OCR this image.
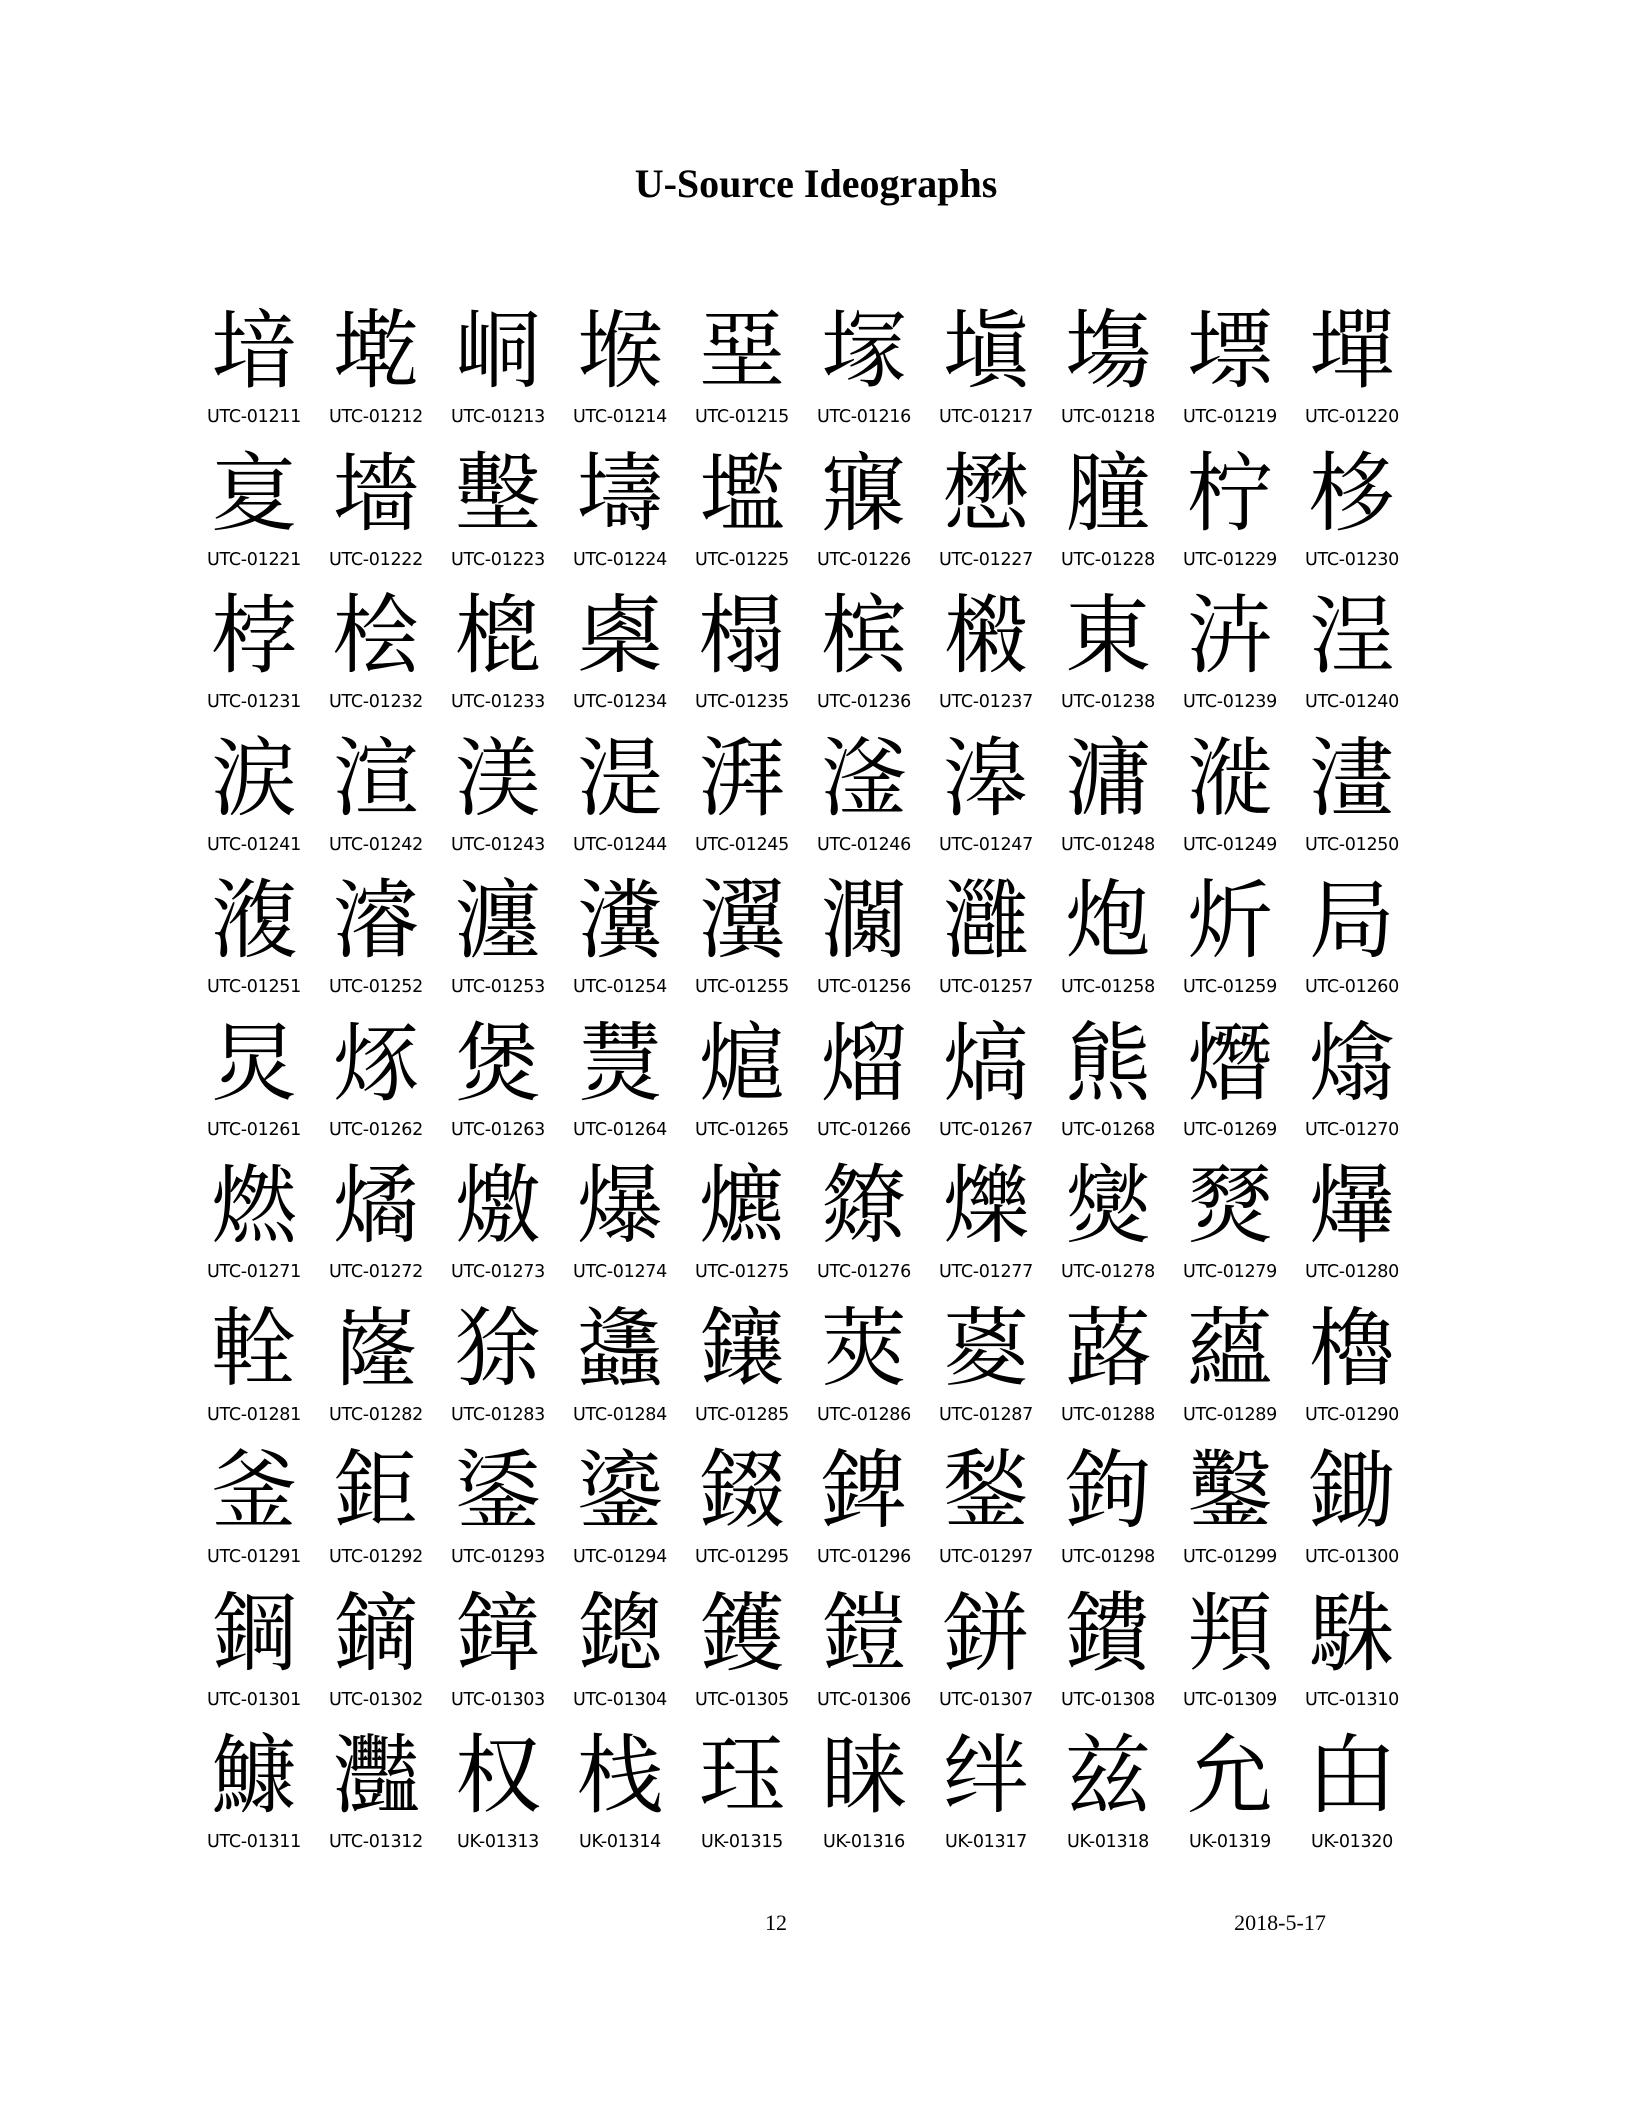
U-Source Ideographs
堷
UTC-01211
墘
UTC-01212
峒
UTC-01213
堠
UTC-01214
堊
UTC-01215
塜
UTC-01216
塡
UTC-01217
塲
UTC-01218
墂
UTC-01219
墠
UTC-01220
㚆
UTC-01221
墻
UTC-01222
墼
UTC-01223
壔
UTC-01224
壏
UTC-01225
寱
UTC-01226
懋
UTC-01227
膧
UTC-01228
柠
UTC-01229
栘
UTC-01230
桲
UTC-01231
桧
UTC-01232
㮰
UTC-01233
㮚
UTC-01234
榻
UTC-01235
槟
UTC-01236
樧
UTC-01237
東
UTC-01238
泋
UTC-01239
浧
UTC-01240
涙
UTC-01241
渲
UTC-01242
渼
UTC-01243
湜
UTC-01244
湃
UTC-01245
滏
UTC-01246
滜
UTC-01247
滽
UTC-01248
漇
UTC-01249
澅
UTC-01250
澓
UTC-01251
濬
UTC-01252
瀍
UTC-01253
瀵
UTC-01254
瀷
UTC-01255
灁
UTC-01256
灉
UTC-01257
炮
UTC-01258
炘
UTC-01259
局
UTC-01260
炅
UTC-01261
烼
UTC-01262
煲
UTC-01263
熭
UTC-01264
熩
UTC-01265
熘
UTC-01266
熇
UTC-01267
熊
UTC-01268
熸
UTC-01269
熻
UTC-01270
燃
UTC-01271
燏
UTC-01272
燩
UTC-01273
爆
UTC-01274
爊
UTC-01275
爒
UTC-01276
爍
UTC-01277
爕
UTC-01278
燹
UTC-01279
爗
UTC-01280
輇
UTC-01281
嶐
UTC-01282
狳
UTC-01283
蠭
UTC-01284
鑲
UTC-01285
莢
UTC-01286
葼
UTC-01287
蕗
UTC-01288
蘊
UTC-01289
櫓
UTC-01290
釜
UTC-01291
鉅
UTC-01292
鋈
UTC-01293
鎏
UTC-01294
錣
UTC-01295
錍
UTC-01296
鍫
UTC-01297
鉤
UTC-01298
鑿
UTC-01299
鋤
UTC-01300
鋼
UTC-01301
鏑
UTC-01302
鏱
UTC-01303
鏓
UTC-01304
鑊
UTC-01305
鎧
UTC-01306
鉼
UTC-01307
鐨
UTC-01308
頖
UTC-01309
駯
UTC-01310
鱇
UTC-01311
灩
UTC-01312
权
UK-01313
栈
UK-01314
珏
UK-01315
睐
UK-01316
绊
UK-01317
兹
UK-01318
允
UK-01319
甶
UK-01320
12	2018-5-17
